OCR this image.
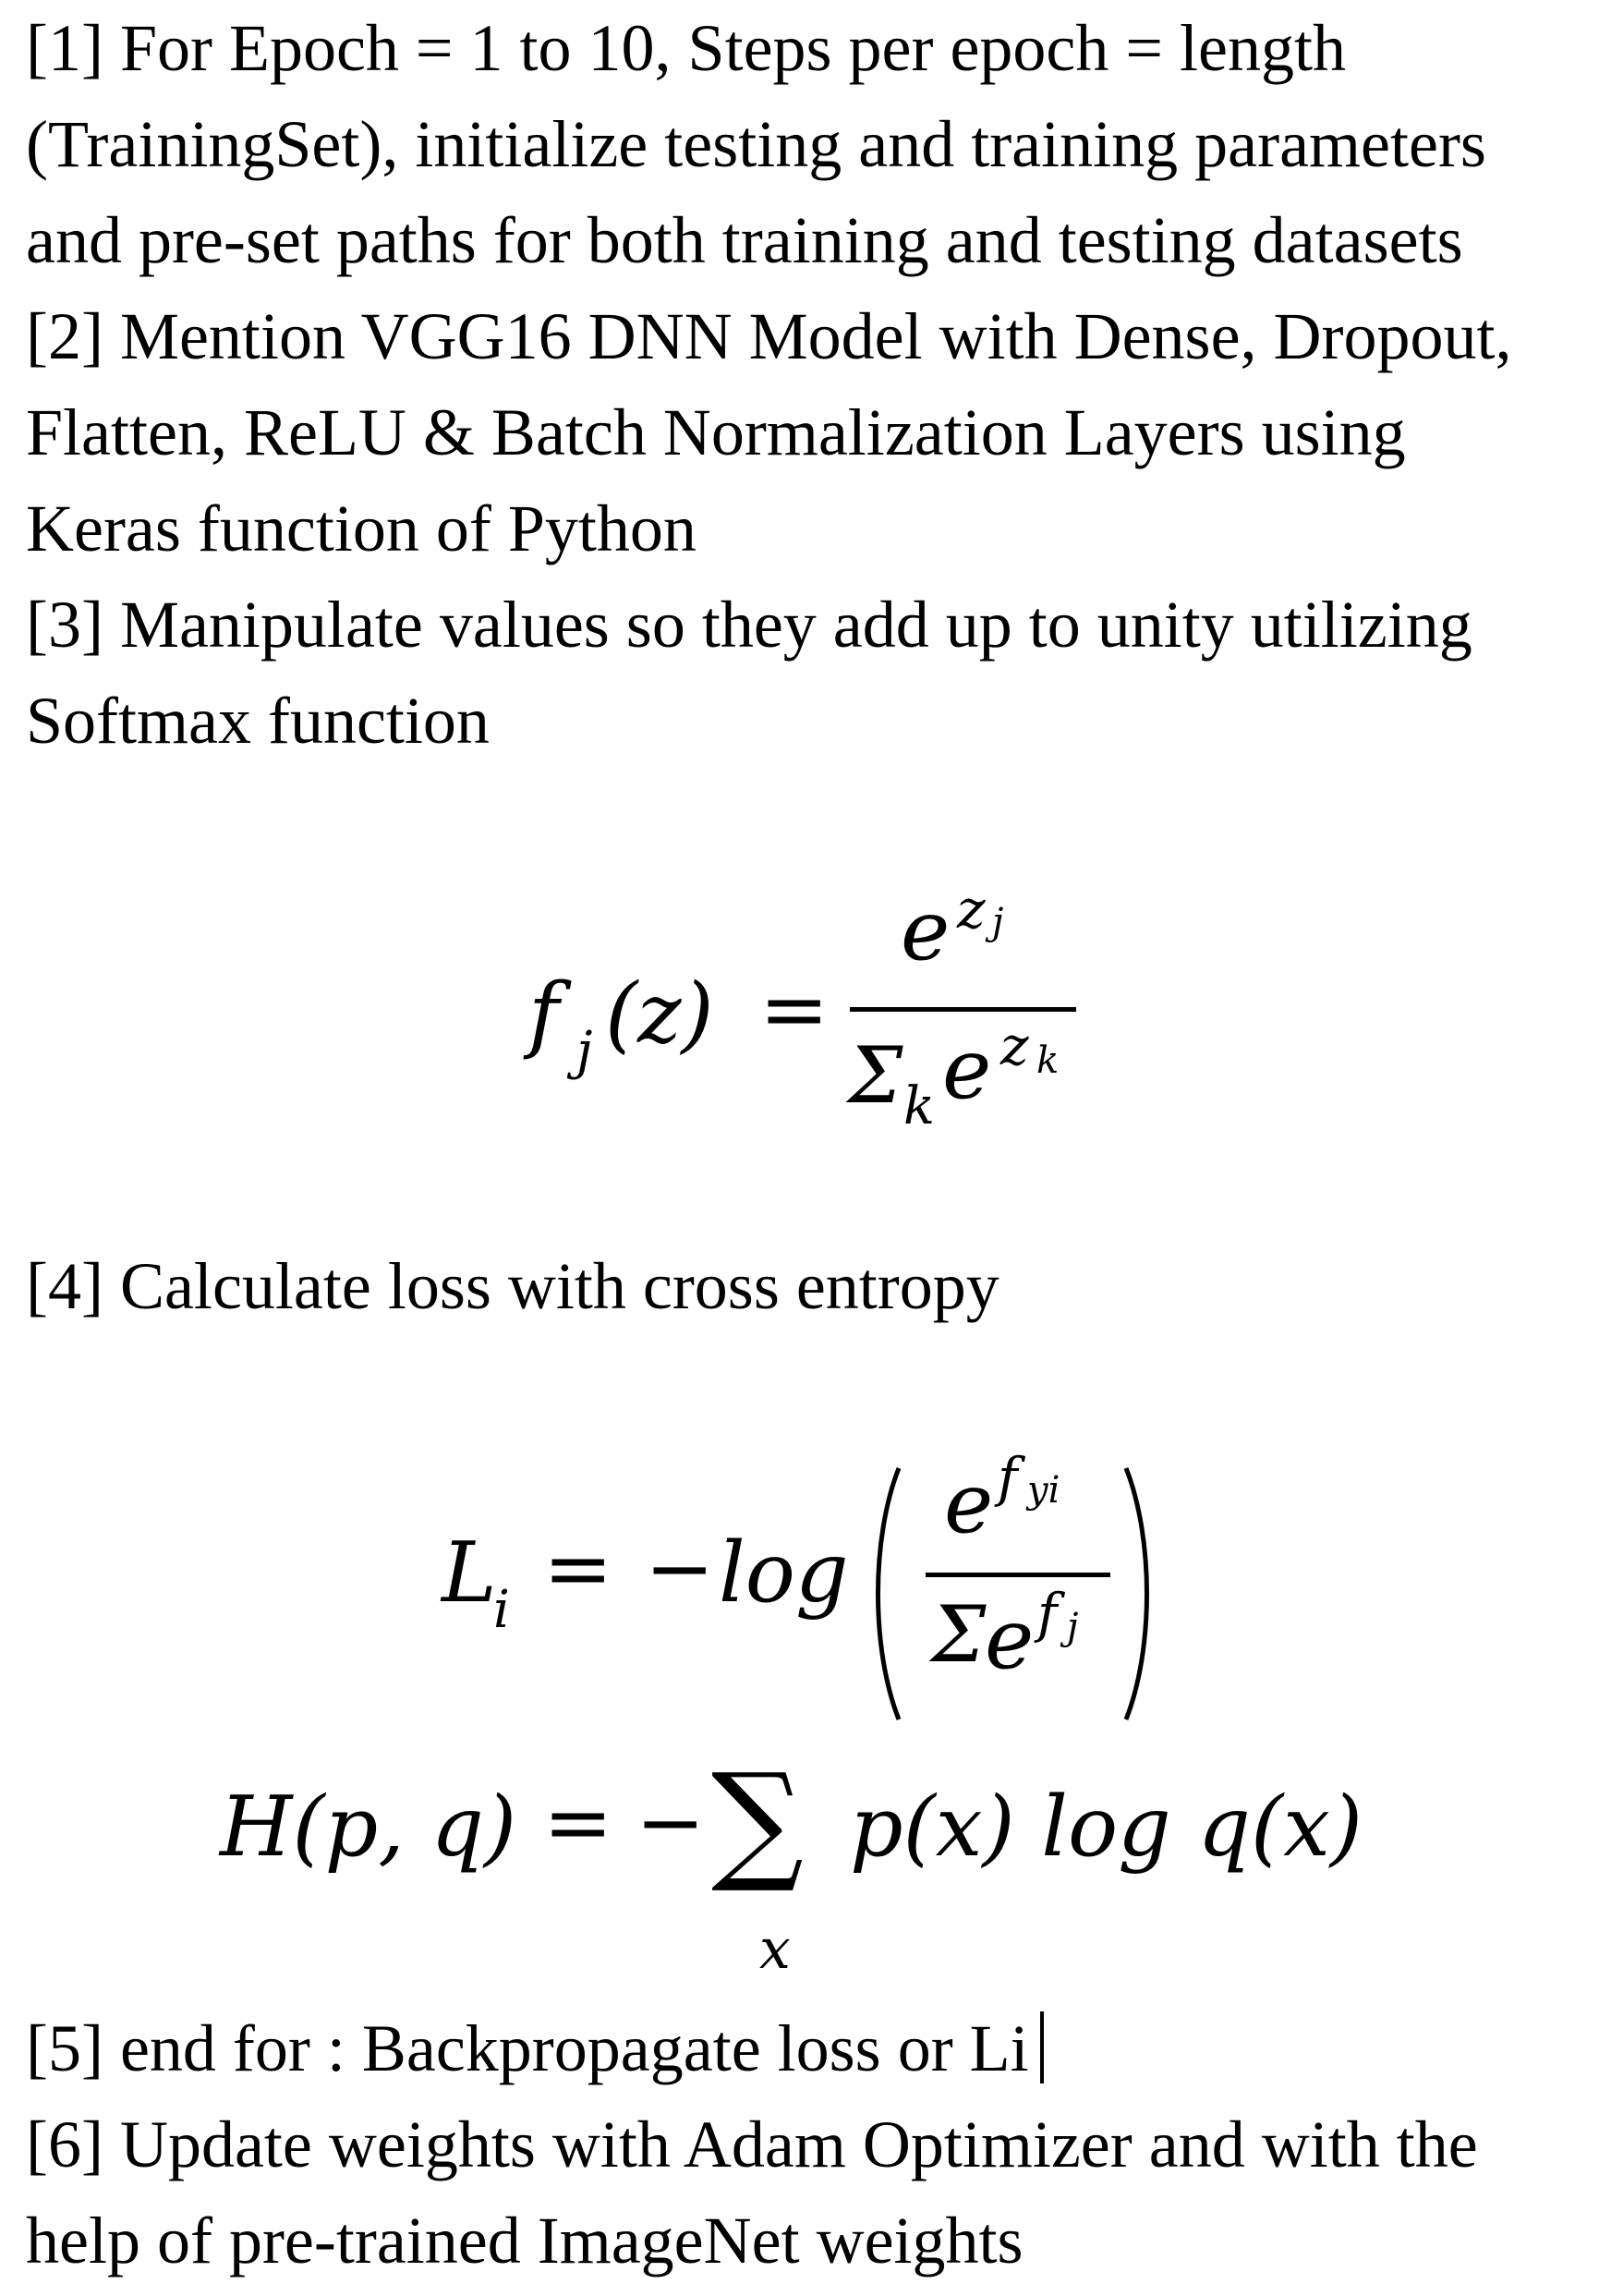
[1] For Epoch = 1 to 10, Steps per epoch = length
(TrainingSet), initialize testing and training parameters
and pre-set paths for both training and testing datasets
[2] Mention VGG16 DNN Model with Dense, Dropout,
Flatten, ReLU & Batch Normalization Layers using
Keras function of Python
[3] Manipulate values so they add up to unity utilizing
Softmax function
f j (z) =
e z j
Σ k e z k
[4] Calculate loss with cross entropy
L
i = − log
e f yi
Σ
e f j
H(p, q) = − ∑
x
p(x) log q(x)
[5] end for : Backpropagate loss or Li
[6] Update weights with Adam Optimizer and with the
help of pre-trained ImageNet weights
